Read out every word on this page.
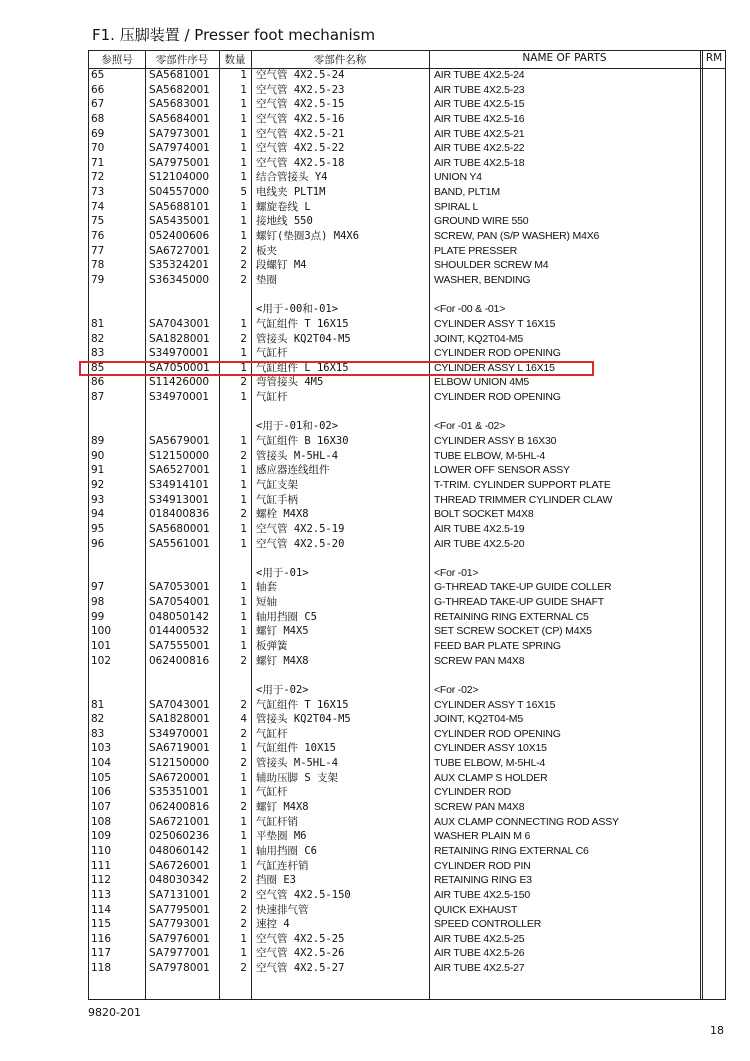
F1. 压脚装置 / Presser foot mechanism
参照号	零部件序号	数量	零部件名称	NAME OF PARTS	RM
65	SA5681001	1 空气管 4X2.5-24	AIR TUBE 4X2.5-24
66	SA5682001	1 空气管 4X2.5-23	AIR TUBE 4X2.5-23
67	SA5683001	1 空气管 4X2.5-15	AIR TUBE 4X2.5-15
68	SA5684001	1 空气管 4X2.5-16	AIR TUBE 4X2.5-16
69	SA7973001	1 空气管 4X2.5-21	AIR TUBE 4X2.5-21
70	SA7974001	1 空气管 4X2.5-22	AIR TUBE 4X2.5-22
71	SA7975001	1 空气管 4X2.5-18	AIR TUBE 4X2.5-18
72	S12104000	1 结合管接头 Y4	UNION Y4
73	S04557000	5 电线夹 PLT1M	BAND, PLT1M
74	SA5688101	1 螺旋卷线 L	SPIRAL L
75	SA5435001	1 接地线 550	GROUND WIRE 550
76	052400606	1 螺钉(垫圈3点) M4X6	SCREW, PAN (S/P WASHER) M4X6
77	SA6727001	2 板夹	PLATE PRESSER
78	S35324201	2 段螺钉 M4	SHOULDER SCREW M4
79	S36345000	2 垫圈	WASHER, BENDING
<用于-00和-01>	<For -00 & -01>
81	SA7043001	1 气缸组件 T 16X15	CYLINDER ASSY T 16X15
82	SA1828001	2 管接头 KQ2T04-M5	JOINT, KQ2T04-M5
83	S34970001	1 气缸杆	CYLINDER ROD OPENING
85	SA7050001	1 气缸组件 L 16X15	CYLINDER ASSY L 16X15
86	S11426000	2 弯管接头 4M5	ELBOW UNION 4M5
87	S34970001	1 气缸杆	CYLINDER ROD OPENING
<用于-01和-02>	<For -01 & -02>
89	SA5679001	1 气缸组件 B 16X30	CYLINDER ASSY B 16X30
90	S12150000	2 管接头 M-5HL-4	TUBE ELBOW, M-5HL-4
91	SA6527001	1 感应器连线组件	LOWER OFF SENSOR ASSY
92	S34914101	1 气缸支架	T-TRIM. CYLINDER SUPPORT PLATE
93	S34913001	1 气缸手柄	THREAD TRIMMER CYLINDER CLAW
94	018400836	2 螺栓 M4X8	BOLT SOCKET M4X8
95	SA5680001	1 空气管 4X2.5-19	AIR TUBE 4X2.5-19
96	SA5561001	1 空气管 4X2.5-20	AIR TUBE 4X2.5-20
<用于-01>	<For -01>
97	SA7053001	1 轴套	G-THREAD TAKE-UP GUIDE COLLER
98	SA7054001	1 短轴	G-THREAD TAKE-UP GUIDE SHAFT
99	048050142	1 轴用挡圈 C5	RETAINING RING EXTERNAL C5
100	014400532	1 螺钉 M4X5	SET SCREW SOCKET (CP) M4X5
101	SA7555001	1 板弹簧	FEED BAR PLATE SPRING
102	062400816	2 螺钉 M4X8	SCREW PAN M4X8
<用于-02>	<For -02>
81	SA7043001	2 气缸组件 T 16X15	CYLINDER ASSY T 16X15
82	SA1828001	4 管接头 KQ2T04-M5	JOINT, KQ2T04-M5
83	S34970001	2 气缸杆	CYLINDER ROD OPENING
103	SA6719001	1 气缸组件 10X15	CYLINDER ASSY 10X15
104	S12150000	2 管接头 M-5HL-4	TUBE ELBOW, M-5HL-4
105	SA6720001	1 辅助压脚 S 支架	AUX CLAMP S HOLDER
106	S35351001	1 气缸杆	CYLINDER ROD
107	062400816	2 螺钉 M4X8	SCREW PAN M4X8
108	SA6721001	1 气缸杆销	AUX CLAMP CONNECTING ROD ASSY
109	025060236	1 平垫圈 M6	WASHER PLAIN M 6
110	048060142	1 轴用挡圈 C6	RETAINING RING EXTERNAL C6
111	SA6726001	1 气缸连杆销	CYLINDER ROD PIN
112	048030342	2 挡圈 E3	RETAINING RING E3
113	SA7131001	2 空气管 4X2.5-150	AIR TUBE 4X2.5-150
114	SA7795001	2 快速排气管	QUICK EXHAUST
115	SA7793001	2 速控 4	SPEED CONTROLLER
116	SA7976001	1 空气管 4X2.5-25	AIR TUBE 4X2.5-25
117	SA7977001	1 空气管 4X2.5-26	AIR TUBE 4X2.5-26
118	SA7978001	2 空气管 4X2.5-27	AIR TUBE 4X2.5-27
9820-201
18
